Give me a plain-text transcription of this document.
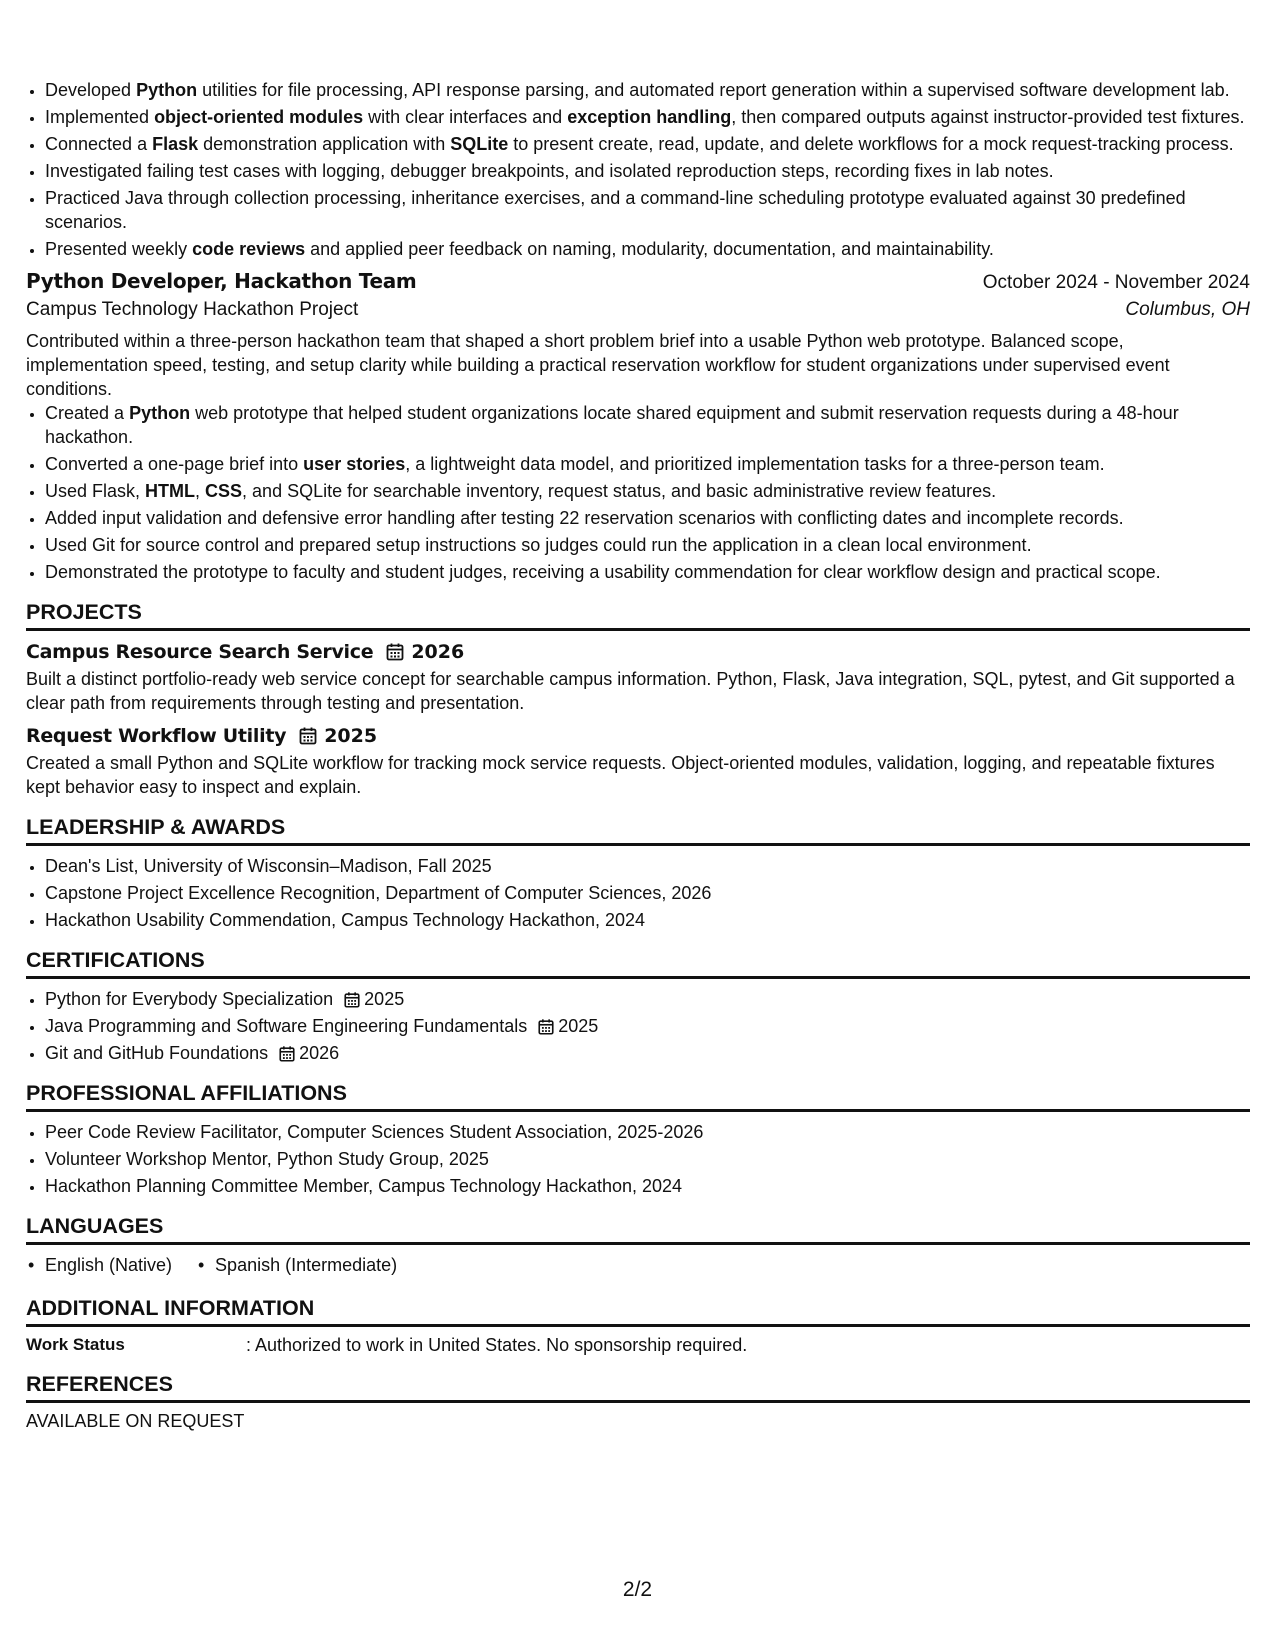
• Developed Python utilities for file processing, API response parsing, and automated report generation within a supervised software development lab.
• Implemented object-oriented modules with clear interfaces and exception handling, then compared outputs against instructor-provided test fixtures.
• Connected a Flask demonstration application with SQLite to present create, read, update, and delete workflows for a mock request-tracking process.
• Investigated failing test cases with logging, debugger breakpoints, and isolated reproduction steps, recording fixes in lab notes.
• Practiced Java through collection processing, inheritance exercises, and a command-line scheduling prototype evaluated against 30 predefined scenarios.
• Presented weekly code reviews and applied peer feedback on naming, modularity, documentation, and maintainability.
Python Developer, Hackathon Team	October 2024 - November 2024
Campus Technology Hackathon Project	Columbus, OH
Contributed within a three-person hackathon team that shaped a short problem brief into a usable Python web prototype. Balanced scope, implementation speed, testing, and setup clarity while building a practical reservation workflow for student organizations under supervised event conditions.
• Created a Python web prototype that helped student organizations locate shared equipment and submit reservation requests during a 48-hour hackathon.
• Converted a one-page brief into user stories, a lightweight data model, and prioritized implementation tasks for a three-person team.
• Used Flask, HTML, CSS, and SQLite for searchable inventory, request status, and basic administrative review features.
• Added input validation and defensive error handling after testing 22 reservation scenarios with conflicting dates and incomplete records.
• Used Git for source control and prepared setup instructions so judges could run the application in a clean local environment.
• Demonstrated the prototype to faculty and student judges, receiving a usability commendation for clear workflow design and practical scope.
PROJECTS
Campus Resource Search Service 2026
Built a distinct portfolio-ready web service concept for searchable campus information. Python, Flask, Java integration, SQL, pytest, and Git supported a clear path from requirements through testing and presentation.
Request Workflow Utility 2025
Created a small Python and SQLite workflow for tracking mock service requests. Object-oriented modules, validation, logging, and repeatable fixtures kept behavior easy to inspect and explain.
LEADERSHIP & AWARDS
• Dean's List, University of Wisconsin–Madison, Fall 2025
• Capstone Project Excellence Recognition, Department of Computer Sciences, 2026
• Hackathon Usability Commendation, Campus Technology Hackathon, 2024
CERTIFICATIONS
• Python for Everybody Specialization 2025
• Java Programming and Software Engineering Fundamentals 2025
• Git and GitHub Foundations 2026
PROFESSIONAL AFFILIATIONS
• Peer Code Review Facilitator, Computer Sciences Student Association, 2025-2026
• Volunteer Workshop Mentor, Python Study Group, 2025
• Hackathon Planning Committee Member, Campus Technology Hackathon, 2024
LANGUAGES
• English (Native)
•	Spanish (Intermediate)
ADDITIONAL INFORMATION
Work Status	: Authorized to work in United States. No sponsorship required.
REFERENCES
AVAILABLE ON REQUEST
2/2
